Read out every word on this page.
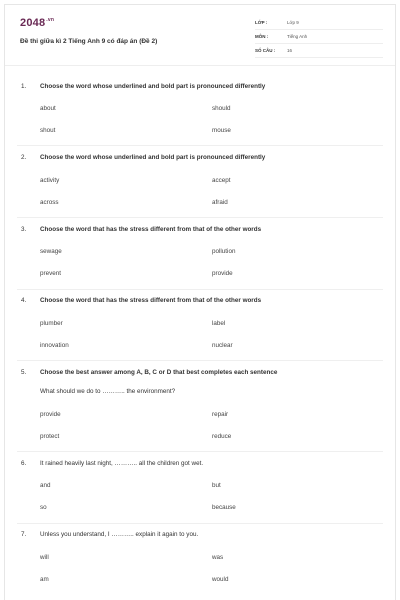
$2048^{.vn}$
Đề thi giữa kì 2 Tiếng Anh 9 có đáp án (Đề 2)
LỚP :	Lớp 9
MÔN :	Tiếng Anh
SỐ CÂU :	16
1. Choose the word whose underlined and bold part is pronounced differently
about	should
shout	mouse
2. Choose the word whose underlined and bold part is pronounced differently
activity	accept
across	afraid
3. Choose the word that has the stress different from that of the other words
sewage	pollution
prevent	provide
4. Choose the word that has the stress different from that of the other words
plumber	label
innovation	nuclear
5. Choose the best answer among A, B, C or D that best completes each sentence
What should we do to ……….. the environment?
provide	repair
protect	reduce
6. It rained heavily last night, ……….. all the children got wet.
and	but
so	because
7. Unless you understand, I ……….. explain it again to you.
will	was
am	would
